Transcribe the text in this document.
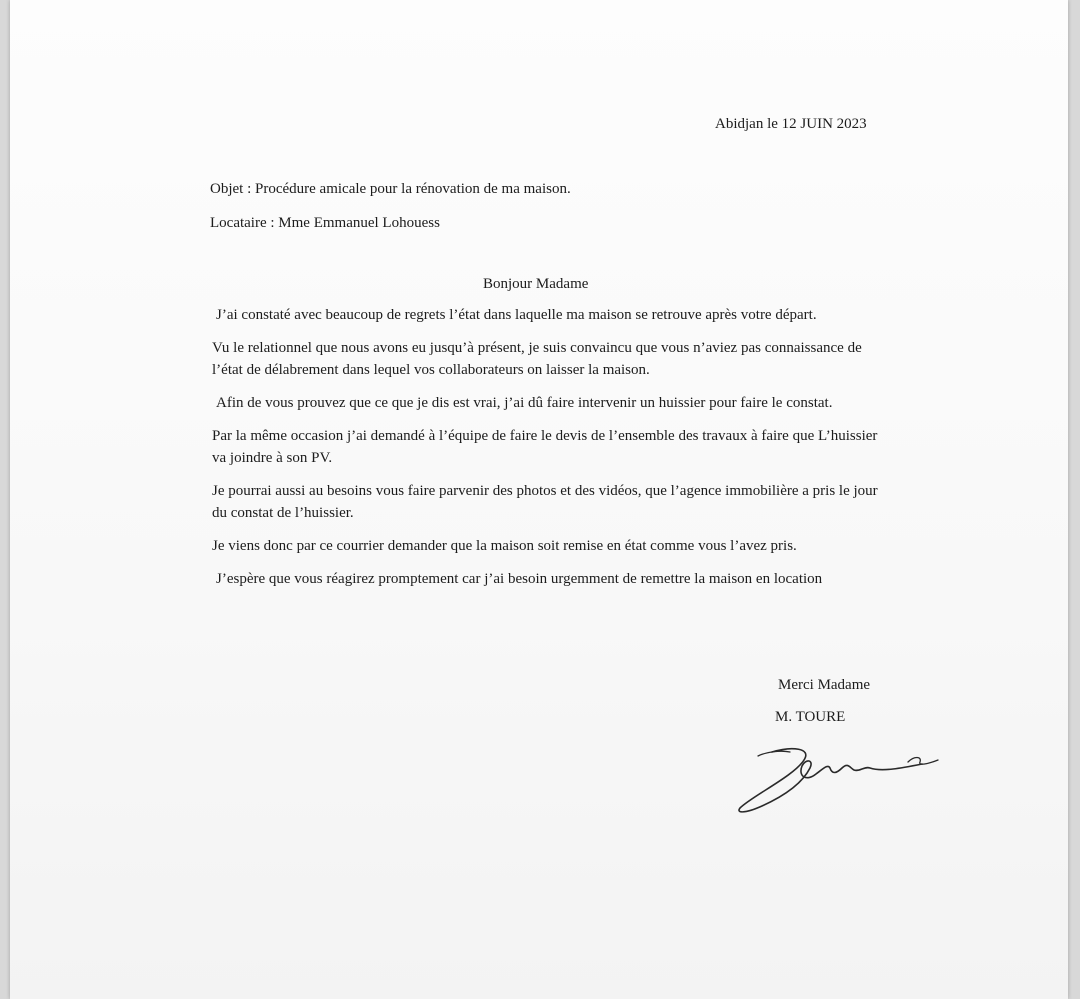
Abidjan le 12 JUIN 2023
Objet : Procédure amicale pour la rénovation de ma maison.
Locataire : Mme Emmanuel Lohouess
Bonjour Madame

J’ai constaté avec beaucoup de regrets l’état dans laquelle ma maison se retrouve après votre départ.

Vu le relationnel que nous avons eu jusqu’à présent, je suis convaincu que vous n’aviez pas connaissance de l’état de délabrement dans lequel vos collaborateurs on laisser la maison.

Afin de vous prouvez que ce que je dis est vrai, j’ai dû faire intervenir un huissier pour faire le constat.

Par la même occasion j’ai demandé à l’équipe de faire le devis de l’ensemble des travaux à faire que L’huissier va joindre à son PV.

Je pourrai aussi au besoins vous faire parvenir des photos et des vidéos, que l’agence immobilière a pris le jour du constat de l’huissier.

Je viens donc par ce courrier demander que la maison soit remise en état comme vous l’avez pris.

J’espère que vous réagirez promptement car j’ai besoin urgemment de remettre la maison en location

Merci Madame
M. TOURE
